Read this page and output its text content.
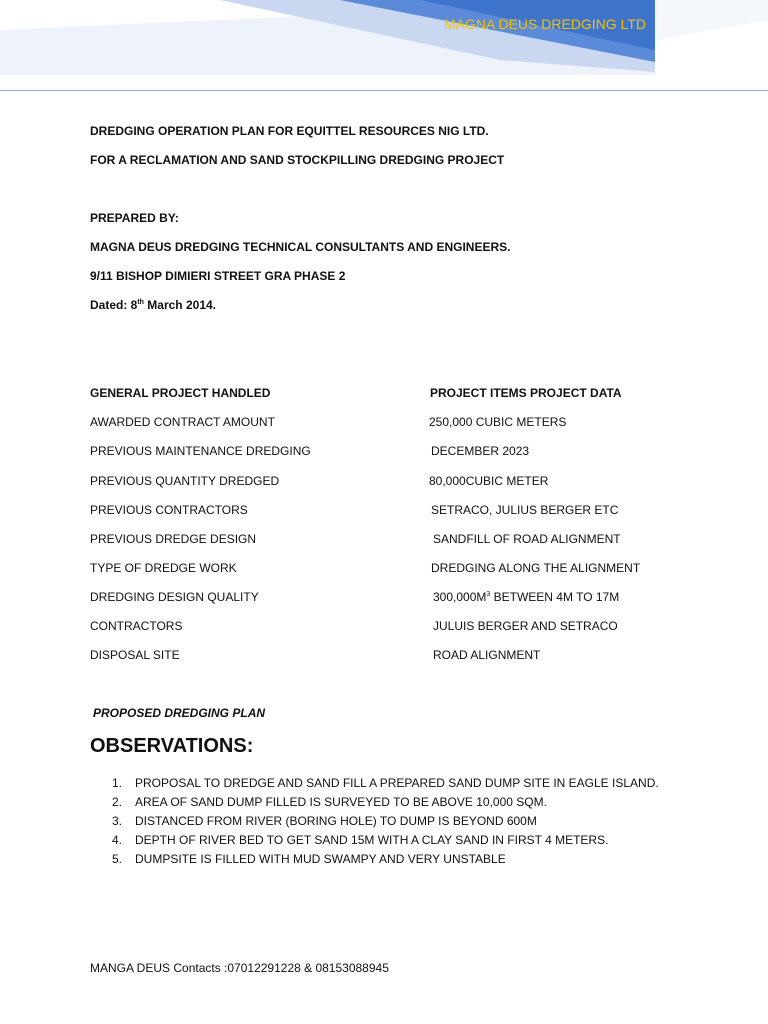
MAGNA DEUS DREDGING LTD
DREDGING OPERATION PLAN FOR EQUITTEL RESOURCES NIG LTD.
FOR A RECLAMATION AND SAND STOCKPILLING DREDGING PROJECT
PREPARED BY:
MAGNA DEUS DREDGING TECHNICAL CONSULTANTS AND ENGINEERS.
9/11 BISHOP DIMIERI STREET GRA PHASE 2
Dated: 8th March 2014.
GENERAL PROJECT HANDLED	PROJECT ITEMS PROJECT DATA
AWARDED CONTRACT AMOUNT	250,000 CUBIC METERS
PREVIOUS MAINTENANCE DREDGING	DECEMBER 2023
PREVIOUS QUANTITY DREDGED	80,000CUBIC METER
PREVIOUS CONTRACTORS	SETRACO, JULIUS BERGER ETC
PREVIOUS DREDGE DESIGN	SANDFILL OF ROAD ALIGNMENT
TYPE OF DREDGE WORK	DREDGING ALONG THE ALIGNMENT
DREDGING DESIGN QUALITY	$300,000M^3$ BETWEEN 4M TO 17M
CONTRACTORS	JULUIS BERGER AND SETRACO
DISPOSAL SITE	ROAD ALIGNMENT
PROPOSED DREDGING PLAN
OBSERVATIONS:
1. PROPOSAL TO DREDGE AND SAND FILL A PREPARED SAND DUMP SITE IN EAGLE ISLAND.
2. AREA OF SAND DUMP FILLED IS SURVEYED TO BE ABOVE 10,000 SQM.
3. DISTANCED FROM RIVER (BORING HOLE) TO DUMP IS BEYOND 600M
4. DEPTH OF RIVER BED TO GET SAND 15M WITH A CLAY SAND IN FIRST 4 METERS.
5. DUMPSITE IS FILLED WITH MUD SWAMPY AND VERY UNSTABLE
MANGA DEUS Contacts :07012291228 & 08153088945
